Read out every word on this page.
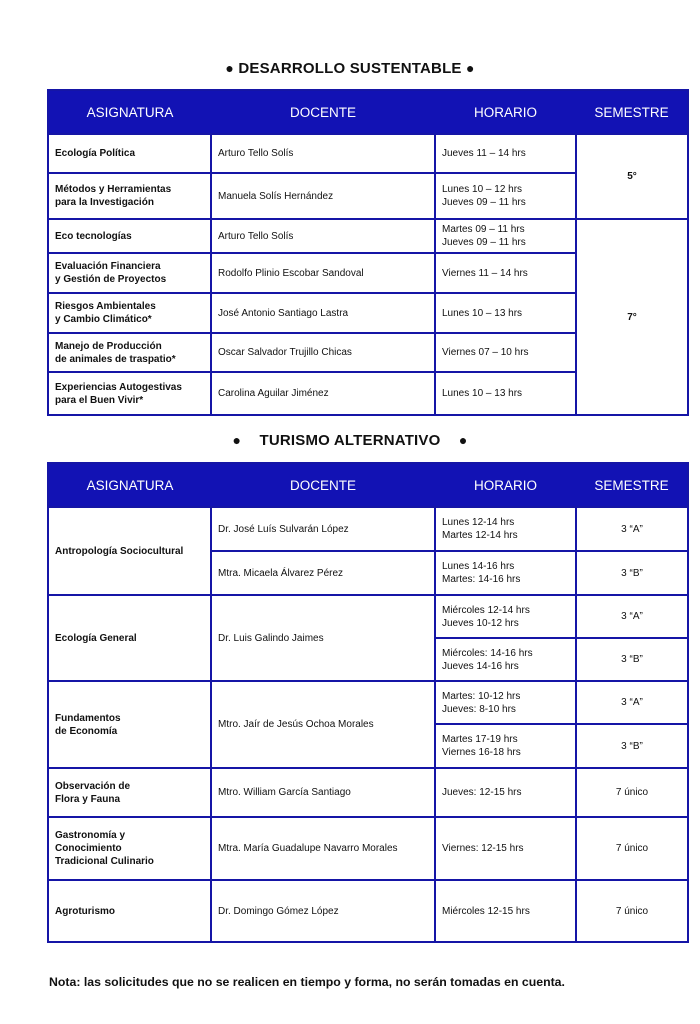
● DESARROLLO SUSTENTABLE ●
ASIGNATURA	DOCENTE	HORARIO	SEMESTRE

Ecología Política	Arturo Tello Solís	Jueves 11 – 14 hrs	5°

Métodos y Herramientas
para la Investigación	Manuela Solís Hernández	Lunes 10 – 12 hrs
Jueves 09 – 11 hrs	

Eco tecnologías	Arturo Tello Solís	Martes 09 – 11 hrs
Jueves 09 – 11 hrs	7°

Evaluación Financiera
y Gestión de Proyectos	Rodolfo Plinio Escobar Sandoval	Viernes 11 – 14 hrs	

Riesgos Ambientales
y Cambio Climático*	José Antonio Santiago Lastra	Lunes 10 – 13 hrs	

Manejo de Producción
de animales de traspatio*	Oscar Salvador Trujillo Chicas	Viernes 07 – 10 hrs	

Experiencias Autogestivas
para el Buen Vivir*	Carolina Aguilar Jiménez	Lunes 10 – 13 hrs	
● TURISMO ALTERNATIVO ●
ASIGNATURA	DOCENTE	HORARIO	SEMESTRE

Antropología Sociocultural	Dr. José Luís Sulvarán López	Lunes 12-14 hrs
Martes 12-14 hrs	3 “A”
	Mtra. Micaela Álvarez Pérez	Lunes 14-16 hrs
Martes: 14-16 hrs	3 “B”

Ecología General	Dr. Luis Galindo Jaimes	Miércoles 12-14 hrs
Jueves 10-12 hrs	3 “A”

		Miércoles: 14-16 hrs
Jueves 14-16 hrs	3 “B”

Fundamentos
de Economía	Mtro. Jaír de Jesús Ochoa Morales	Martes: 10-12 hrs
Jueves: 8-10 hrs	3 “A”

		Martes 17-19 hrs
Viernes 16-18 hrs	3 “B”

Observación de
Flora y Fauna	Mtro. William García Santiago	Jueves: 12-15 hrs	7 único

Gastronomía y
Conocimiento
Tradicional Culinario	Mtra. María Guadalupe Navarro Morales	Viernes: 12-15 hrs	7 único

Agroturismo	Dr. Domingo Gómez López	Miércoles 12-15 hrs	7 único
Nota: las solicitudes que no se realicen en tiempo y forma, no serán tomadas en cuenta.
